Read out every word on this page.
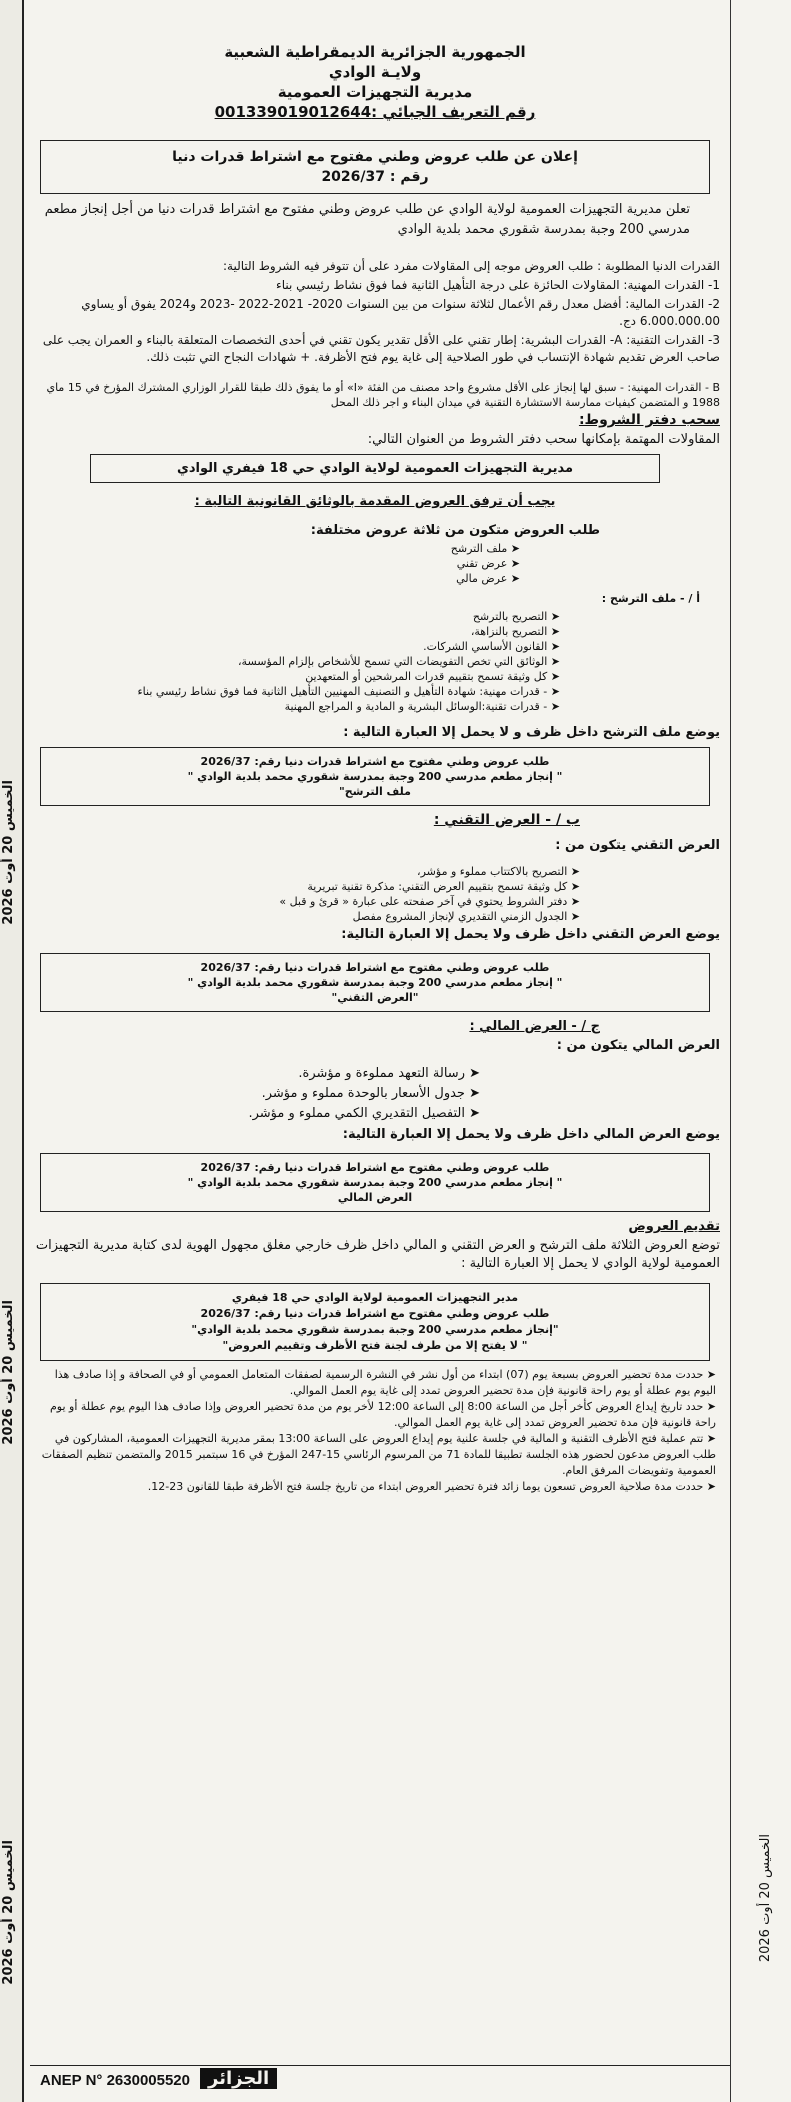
الخميس 20 أوت 2026
الخميس 20 أوت 2026
الخميس 20 أوت 2026
الخميس 20 أوت 2026
الجمهورية الجزائرية الديمقراطية الشعبية
ولايـة الوادي
مديرية التجهيزات العمومية
رقم التعريف الجبائي :001339019012644
إعلان عن طلب عروض وطني مفتوح مع اشتراط قدرات دنيا
رقم : 2026/37
تعلن مديرية التجهيزات العمومية لولاية الوادي عن طلب عروض وطني مفتوح مع اشتراط قدرات دنيا من أجل إنجاز مطعم مدرسي 200 وجبة بمدرسة شقوري محمد بلدية الوادي
القدرات الدنيا المطلوبة : طلب العروض موجه إلى المقاولات مفرد على أن تتوفر فيه الشروط التالية:
1- القدرات المهنية: المقاولات الحائزة على درجة التأهيل الثانية فما فوق نشاط رئيسي بناء
2- القدرات المالية: أفضل معدل رقم الأعمال لثلاثة سنوات من بين السنوات 2020- 2021-2022 -2023 و2024 يفوق أو يساوي 6.000.000.00 دج.
3- القدرات التقنية: A- القدرات البشرية: إطار تقني على الأقل تقدير يكون تقني في أحدى التخصصات المتعلقة بالبناء و العمران يجب على صاحب العرض تقديم شهادة الإنتساب في طور الصلاحية إلى غاية يوم فتح الأظرفة. + شهادات النجاح التي تثبت ذلك.
B - القدرات المهنية: - سبق لها إنجاز على الأقل مشروع واحد مصنف من الفئة «I» أو ما يفوق ذلك طبقا للقرار الوزاري المشترك المؤرخ في 15 ماي 1988 و المتضمن كيفيات ممارسة الاستشارة التقنية في ميدان البناء و اجر ذلك المحل
سحب دفتر الشروط:
المقاولات المهتمة بإمكانها سحب دفتر الشروط من العنوان التالي:
مديرية التجهيزات العمومية لولاية الوادي حي 18 فيفري الوادي
يجب أن ترفق العروض المقدمة بالوثائق القانونية التالية :
طلب العروض متكون من ثلاثة عروض مختلفة:
➤ ملف الترشح
➤ عرض تقني
➤ عرض مالي
أ / - ملف الترشح :
➤ التصريح بالترشح
➤ التصريح بالنزاهة،
➤ القانون الأساسي الشركات.
➤ الوثائق التي تخص التفويضات التي تسمح للأشخاص بإلزام المؤسسة،
➤ كل وثيقة تسمح بتقييم قدرات المرشحين أو المتعهدين
➤ - قدرات مهنية: شهادة التأهيل و التصنيف المهنيين التأهيل الثانية فما فوق نشاط رئيسي بناء
➤ - قدرات تقنية:الوسائل البشرية و المادية و المراجع المهنية
يوضع ملف الترشح داخل ظرف و لا يحمل إلا العبارة التالية :
طلب عروض وطني مفتوح مع اشتراط قدرات دنيا رقم: 2026/37
" إنجاز مطعم مدرسي 200 وجبة بمدرسة شقوري محمد بلدية الوادي "
ملف الترشح"
ب / - العرض التقني :
العرض التقني يتكون من :
➤ التصريح بالاكتتاب مملوء و مؤشر،
➤ كل وثيقة تسمح بتقييم العرض التقني: مذكرة تقنية تبريرية
➤ دفتر الشروط يحتوي في آخر صفحته على عبارة « قرئ و قبل »
➤ الجدول الزمني التقديري لإنجاز المشروع مفصل
يوضع العرض التقني داخل ظرف ولا يحمل إلا العبارة التالية:
طلب عروض وطني مفتوح مع اشتراط قدرات دنيا رقم: 2026/37
" إنجاز مطعم مدرسي 200 وجبة بمدرسة شقوري محمد بلدية الوادي "
"العرض التقني"
ج / - العرض المالي :
العرض المالي يتكون من :
➤ رسالة التعهد مملوءة و مؤشرة.
➤ جدول الأسعار بالوحدة مملوء و مؤشر.
➤ التفصيل التقديري الكمي مملوء و مؤشر.
يوضع العرض المالي داخل ظرف ولا يحمل إلا العبارة التالية:
طلب عروض وطني مفتوح مع اشتراط قدرات دنيا رقم: 2026/37
" إنجاز مطعم مدرسي 200 وجبة بمدرسة شقوري محمد بلدية الوادي "
العرض المالي
تقديم العروض
توضع العروض الثلاثة ملف الترشح و العرض التقني و المالي داخل ظرف خارجي مغلق مجهول الهوية لدى كتابة مديرية التجهيزات العمومية لولاية الوادي لا يحمل إلا العبارة التالية :
مدير التجهيزات العمومية لولاية الوادي حي 18 فيفري
طلب عروض وطني مفتوح مع اشتراط قدرات دنيا رقم: 2026/37
"إنجاز مطعم مدرسي 200 وجبة بمدرسة شقوري محمد بلدية الوادي"
" لا يفتح إلا من طرف لجنة فتح الأظرف وتقييم العروض"
➤ حددت مدة تحضير العروض بسبعة يوم (07) ابتداء من أول نشر في النشرة الرسمية لصفقات المتعامل العمومي أو في الصحافة و إذا صادف هذا اليوم يوم عطلة أو يوم راحة قانونية فإن مدة تحضير العروض تمدد إلى غاية يوم العمل الموالي.
➤ حدد تاريخ إيداع العروض كأخر أجل من الساعة 8:00 إلى الساعة 12:00 لأخر يوم من مدة تحضير العروض وإذا صادف هذا اليوم يوم عطلة أو يوم راحة قانونية فإن مدة تحضير العروض تمدد إلى غاية يوم العمل الموالي.
➤ تتم عملية فتح الأظرف التقنية و المالية في جلسة علنية يوم إيداع العروض على الساعة 13:00 بمقر مديرية التجهيزات العمومية، المشاركون في طلب العروض مدعون لحضور هذه الجلسة تطبيقا للمادة 71 من المرسوم الرئاسي 15-247 المؤرخ في 16 سبتمبر 2015 والمتضمن تنظيم الصفقات العمومية وتفويضات المرفق العام.
➤ حددت مدة صلاحية العروض تسعون يوما زائد فترة تحضير العروض ابتداء من تاريخ جلسة فتح الأظرفة طبقا للقانون 23-12.
ANEP N° 2630005520	الجزائر
